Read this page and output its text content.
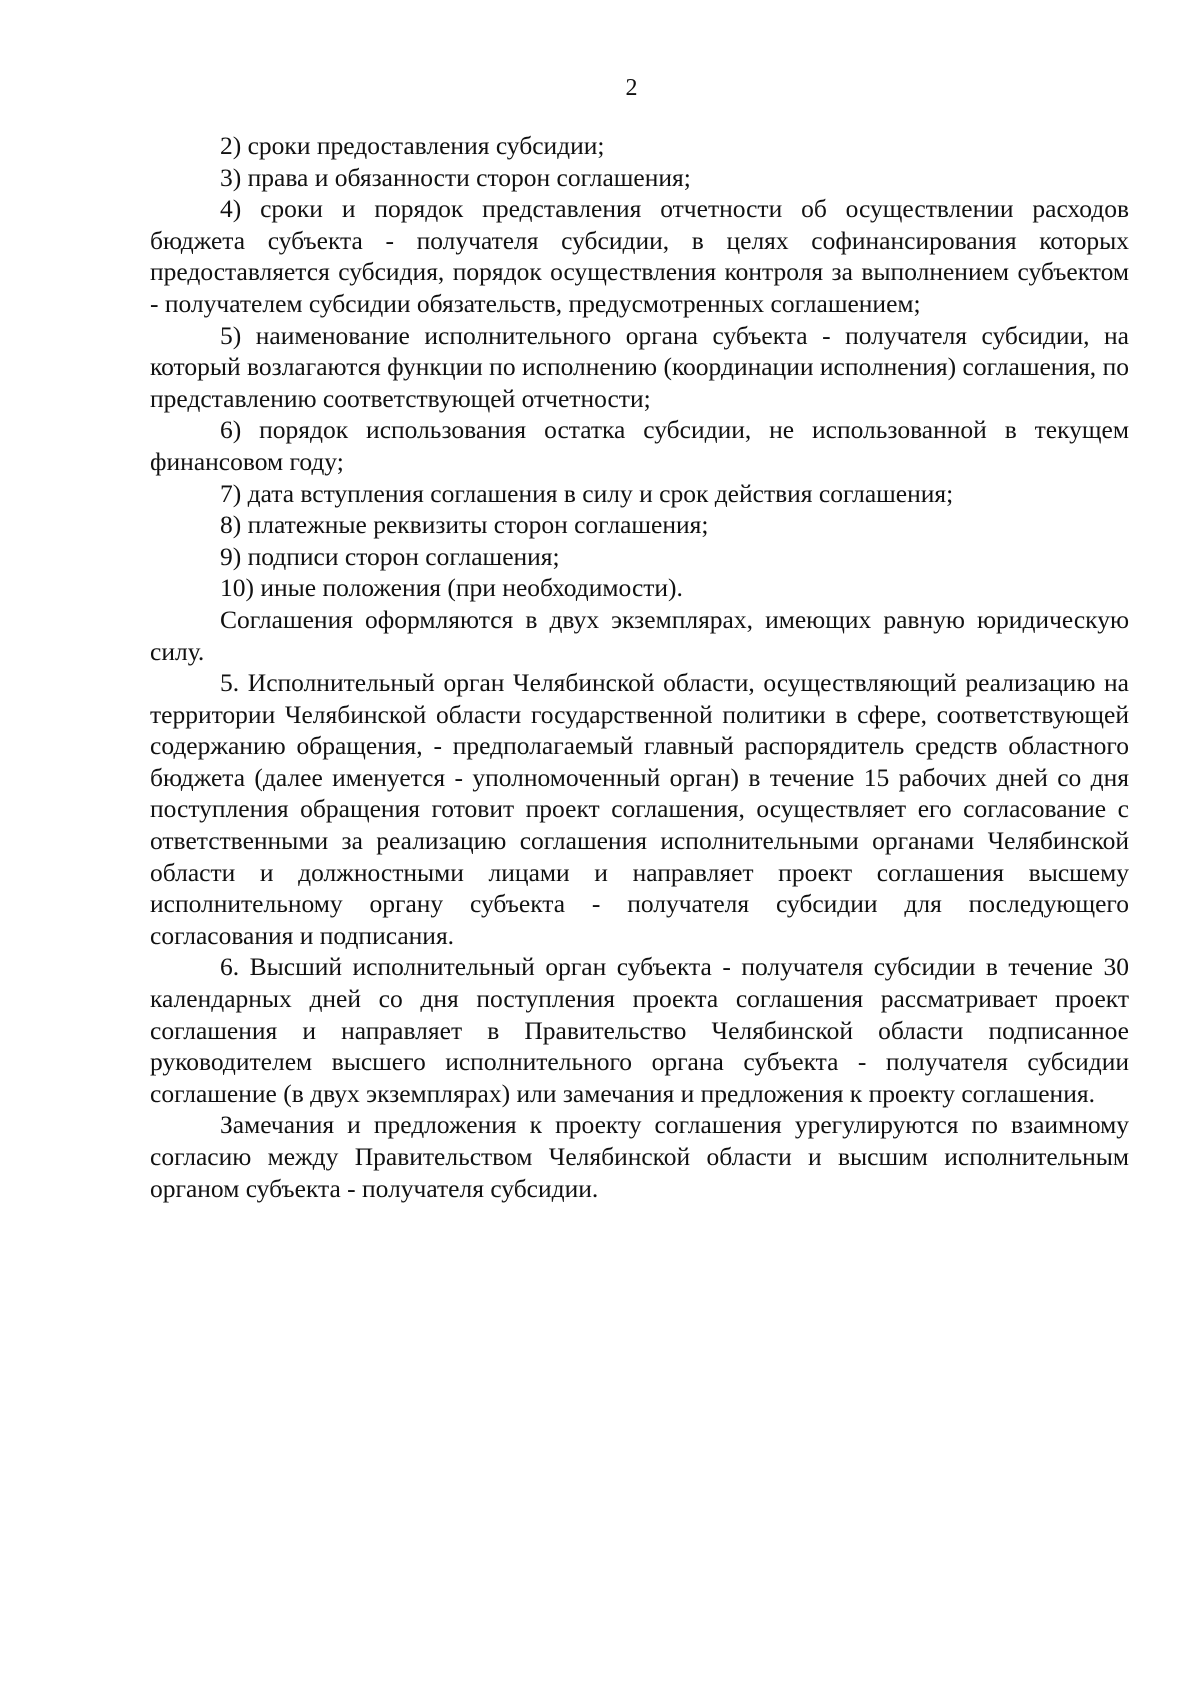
2

2) сроки предоставления субсидии;

3) права и обязанности сторон соглашения;

4) сроки и порядок представления отчетности об осуществлении расходов бюджета субъекта - получателя субсидии, в целях софинансирования которых предоставляется субсидия, порядок осуществления контроля за выполнением субъектом - получателем субсидии обязательств, предусмотренных соглашением;

5) наименование исполнительного органа субъекта - получателя субсидии, на который возлагаются функции по исполнению (координации исполнения) соглашения, по представлению соответствующей отчетности;

6) порядок использования остатка субсидии, не использованной в текущем финансовом году;

7) дата вступления соглашения в силу и срок действия соглашения;

8) платежные реквизиты сторон соглашения;

9) подписи сторон соглашения;

10) иные положения (при необходимости).

Соглашения оформляются в двух экземплярах, имеющих равную юридическую силу.

5. Исполнительный орган Челябинской области, осуществляющий реализацию на территории Челябинской области государственной политики в сфере, соответствующей содержанию обращения, - предполагаемый главный распорядитель средств областного бюджета (далее именуется - уполномоченный орган) в течение 15 рабочих дней со дня поступления обращения готовит проект соглашения, осуществляет его согласование с ответственными за реализацию соглашения исполнительными органами Челябинской области и должностными лицами и направляет проект соглашения высшему исполнительному органу субъекта - получателя субсидии для последующего согласования и подписания.

6. Высший исполнительный орган субъекта - получателя субсидии в течение 30 календарных дней со дня поступления проекта соглашения рассматривает проект соглашения и направляет в Правительство Челябинской области подписанное руководителем высшего исполнительного органа субъекта - получателя субсидии соглашение (в двух экземплярах) или замечания и предложения к проекту соглашения.

Замечания и предложения к проекту соглашения урегулируются по взаимному согласию между Правительством Челябинской области и высшим исполнительным органом субъекта - получателя субсидии.
